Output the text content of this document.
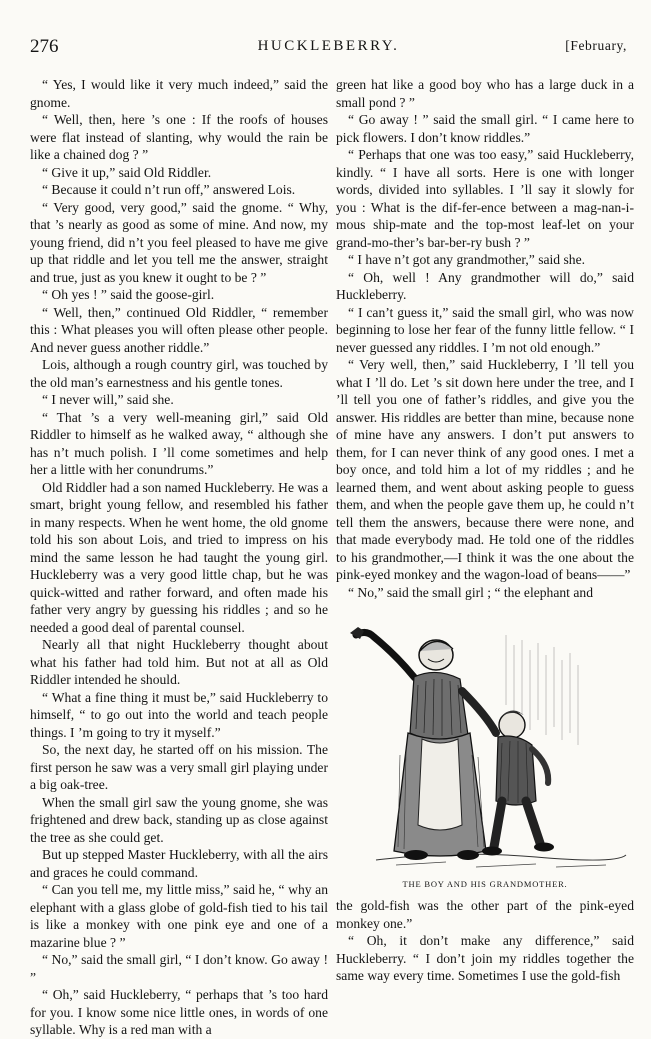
276	HUCKLEBERRY.	[February,

“ Yes, I would like it very much indeed,” said the gnome.

“ Well, then, here ’s one : If the roofs of houses were flat instead of slanting, why would the rain be like a chained dog ? ”

“ Give it up,” said Old Riddler.

“ Because it could n’t run off,” answered Lois.

“ Very good, very good,” said the gnome. “ Why, that ’s nearly as good as some of mine. And now, my young friend, did n’t you feel pleased to have me give up that riddle and let you tell me the answer, straight and true, just as you knew it ought to be ? ”

“ Oh yes ! ” said the goose-girl.

“ Well, then,” continued Old Riddler, “ remember this : What pleases you will often please other people. And never guess another riddle.”

Lois, although a rough country girl, was touched by the old man’s earnestness and his gentle tones.

“ I never will,” said she.

“ That ’s a very well-meaning girl,” said Old Riddler to himself as he walked away, “ although she has n’t much polish. I ’ll come sometimes and help her a little with her conundrums.”

Old Riddler had a son named Huckleberry. He was a smart, bright young fellow, and resembled his father in many respects. When he went home, the old gnome told his son about Lois, and tried to impress on his mind the same lesson he had taught the young girl. Huckleberry was a very good little chap, but he was quick-witted and rather forward, and often made his father very angry by guessing his riddles ; and so he needed a good deal of parental counsel.

Nearly all that night Huckleberry thought about what his father had told him. But not at all as Old Riddler intended he should.

“ What a fine thing it must be,” said Huckleberry to himself, “ to go out into the world and teach people things. I ’m going to try it myself.”

So, the next day, he started off on his mission. The first person he saw was a very small girl playing under a big oak-tree.

When the small girl saw the young gnome, she was frightened and drew back, standing up as close against the tree as she could get.

But up stepped Master Huckleberry, with all the airs and graces he could command.

“ Can you tell me, my little miss,” said he, “ why an elephant with a glass globe of gold-fish tied to his tail is like a monkey with one pink eye and one of a mazarine blue ? ”

“ No,” said the small girl, “ I don’t know. Go away ! ”

“ Oh,” said Huckleberry, “ perhaps that ’s too hard for you. I know some nice little ones, in words of one syllable. Why is a red man with a

green hat like a good boy who has a large duck in a small pond ? ”

“ Go away ! ” said the small girl. “ I came here to pick flowers. I don’t know riddles.”

“ Perhaps that one was too easy,” said Huckleberry, kindly. “ I have all sorts. Here is one with longer words, divided into syllables. I ’ll say it slowly for you : What is the dif-fer-ence between a mag-nan-i-mous ship-mate and the top-most leaf-let on your grand-mo-ther’s bar-ber-ry bush ? ”

“ I have n’t got any grandmother,” said she.

“ Oh, well ! Any grandmother will do,” said Huckleberry.

“ I can’t guess it,” said the small girl, who was now beginning to lose her fear of the funny little fellow. “ I never guessed any riddles. I ’m not old enough.”

“ Very well, then,” said Huckleberry, I ’ll tell you what I ’ll do. Let ’s sit down here under the tree, and I ’ll tell you one of father’s riddles, and give you the answer. His riddles are better than mine, because none of mine have any answers. I don’t put answers to them, for I can never think of any good ones. I met a boy once, and told him a lot of my riddles ; and he learned them, and went about asking people to guess them, and when the people gave them up, he could n’t tell them the answers, because there were none, and that made everybody mad. He told one of the riddles to his grandmother,—I think it was the one about the pink-eyed monkey and the wagon-load of beans——”

“ No,” said the small girl ; “ the elephant and

THE BOY AND HIS GRANDMOTHER.

the gold-fish was the other part of the pink-eyed monkey one.”

“ Oh, it don’t make any difference,” said Huckleberry. “ I don’t join my riddles together the same way every time. Sometimes I use the gold-fish
